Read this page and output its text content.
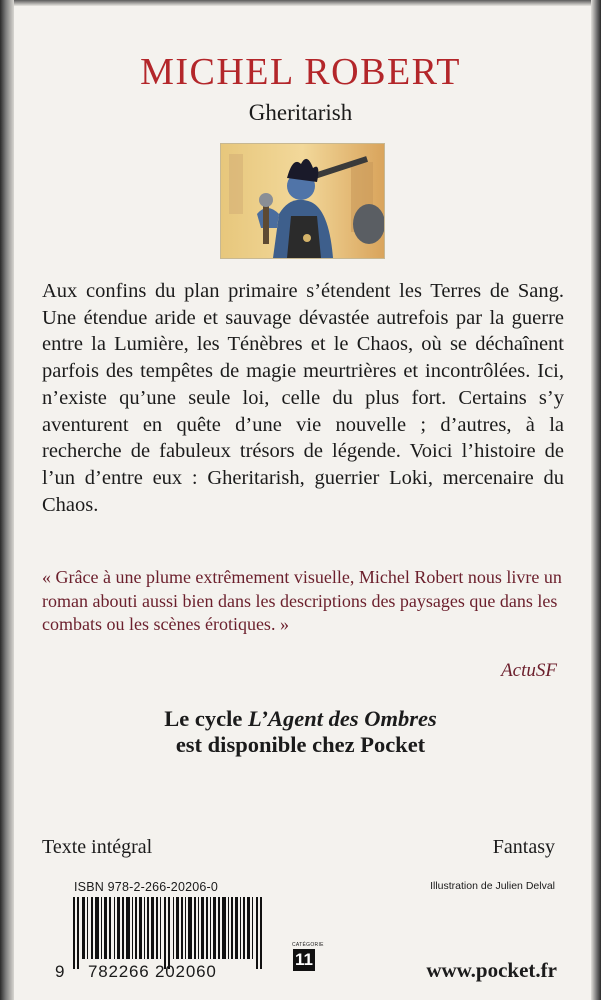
MICHEL ROBERT
Gheritarish

Aux confins du plan primaire s’étendent les Terres de Sang. Une étendue aride et sauvage dévastée autrefois par la guerre entre la Lumière, les Ténèbres et le Chaos, où se déchaînent parfois des tempêtes de magie meurtrières et incontrôlées. Ici, n’existe qu’une seule loi, celle du plus fort. Certains s’y aventurent en quête d’une vie nouvelle ; d’autres, à la recherche de fabuleux trésors de légende. Voici l’histoire de l’un d’entre eux : Gheritarish, guerrier Loki, mercenaire du Chaos.

« Grâce à une plume extrêmement visuelle, Michel Robert nous livre un roman abouti aussi bien dans les descriptions des paysages que dans les combats ou les scènes érotiques. »
ActuSF
Le cycle L’Agent des Ombres
est disponible chez Pocket
Texte intégral	Fantasy
ISBN 978-2-266-20206-0
9 782266 202060
CATÉGORIE
11
Illustration de Julien Delval
www.pocket.fr
